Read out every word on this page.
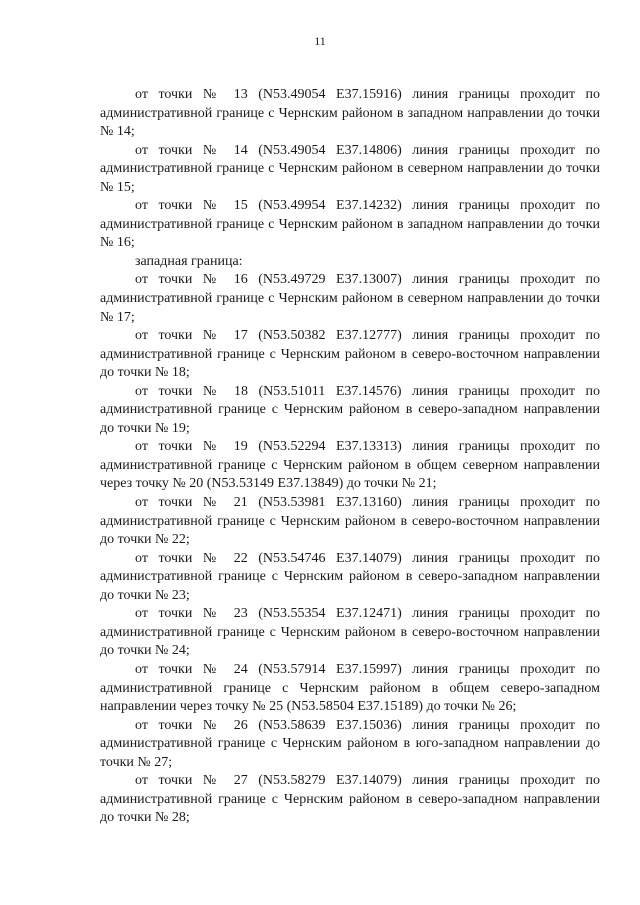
11

от точки № 13 (N53.49054 E37.15916) линия границы проходит по административной границе с Чернским районом в западном направлении до точки № 14;

от точки № 14 (N53.49054 E37.14806) линия границы проходит по административной границе с Чернским районом в северном направлении до точки № 15;

от точки № 15 (N53.49954 E37.14232) линия границы проходит по административной границе с Чернским районом в западном направлении до точки № 16;

западная граница:

от точки № 16 (N53.49729 E37.13007) линия границы проходит по административной границе с Чернским районом в северном направлении до точки № 17;

от точки № 17 (N53.50382 E37.12777) линия границы проходит по административной границе с Чернским районом в северо-восточном направлении до точки № 18;

от точки № 18 (N53.51011 E37.14576) линия границы проходит по административной границе с Чернским районом в северо-западном направлении до точки № 19;

от точки № 19 (N53.52294 E37.13313) линия границы проходит по административной границе с Чернским районом в общем северном направлении через точку № 20 (N53.53149 E37.13849) до точки № 21;

от точки № 21 (N53.53981 E37.13160) линия границы проходит по административной границе с Чернским районом в северо-восточном направлении до точки № 22;

от точки № 22 (N53.54746 E37.14079) линия границы проходит по административной границе с Чернским районом в северо-западном направлении до точки № 23;

от точки № 23 (N53.55354 E37.12471) линия границы проходит по административной границе с Чернским районом в северо-восточном направлении до точки № 24;

от точки № 24 (N53.57914 E37.15997) линия границы проходит по административной границе с Чернским районом в общем северо-западном направлении через точку № 25 (N53.58504 E37.15189) до точки № 26;

от точки № 26 (N53.58639 E37.15036) линия границы проходит по административной границе с Чернским районом в юго-западном направлении до точки № 27;

от точки № 27 (N53.58279 E37.14079) линия границы проходит по административной границе с Чернским районом в северо-западном направлении до точки № 28;
